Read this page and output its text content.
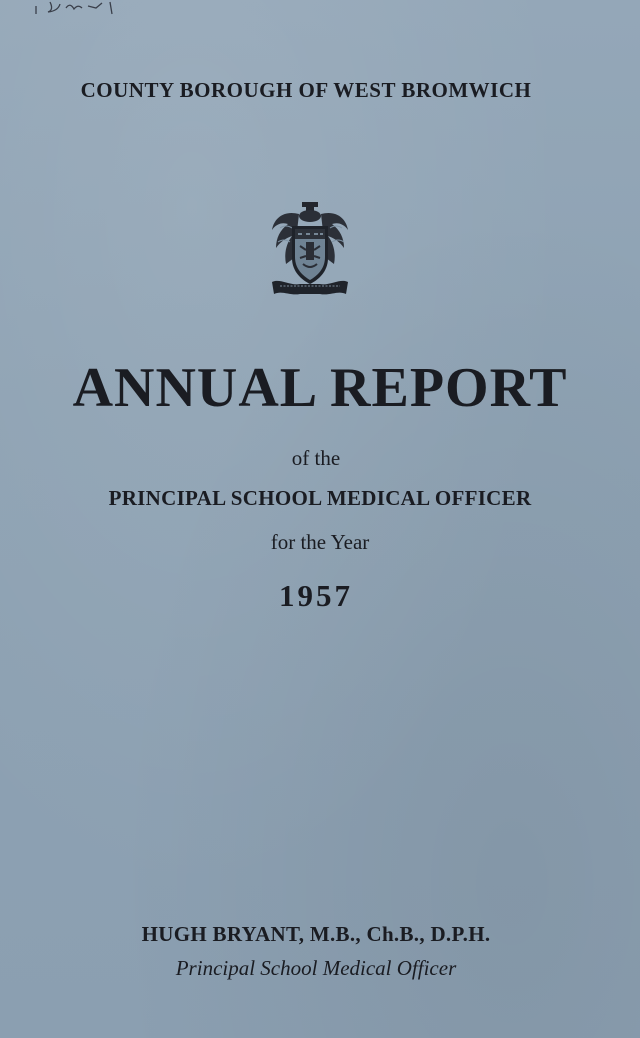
COUNTY BOROUGH OF WEST BROMWICH
ANNUAL REPORT
of the
PRINCIPAL SCHOOL MEDICAL OFFICER
for the Year
1957
HUGH BRYANT, M.B., Ch.B., D.P.H.
Principal School Medical Officer
